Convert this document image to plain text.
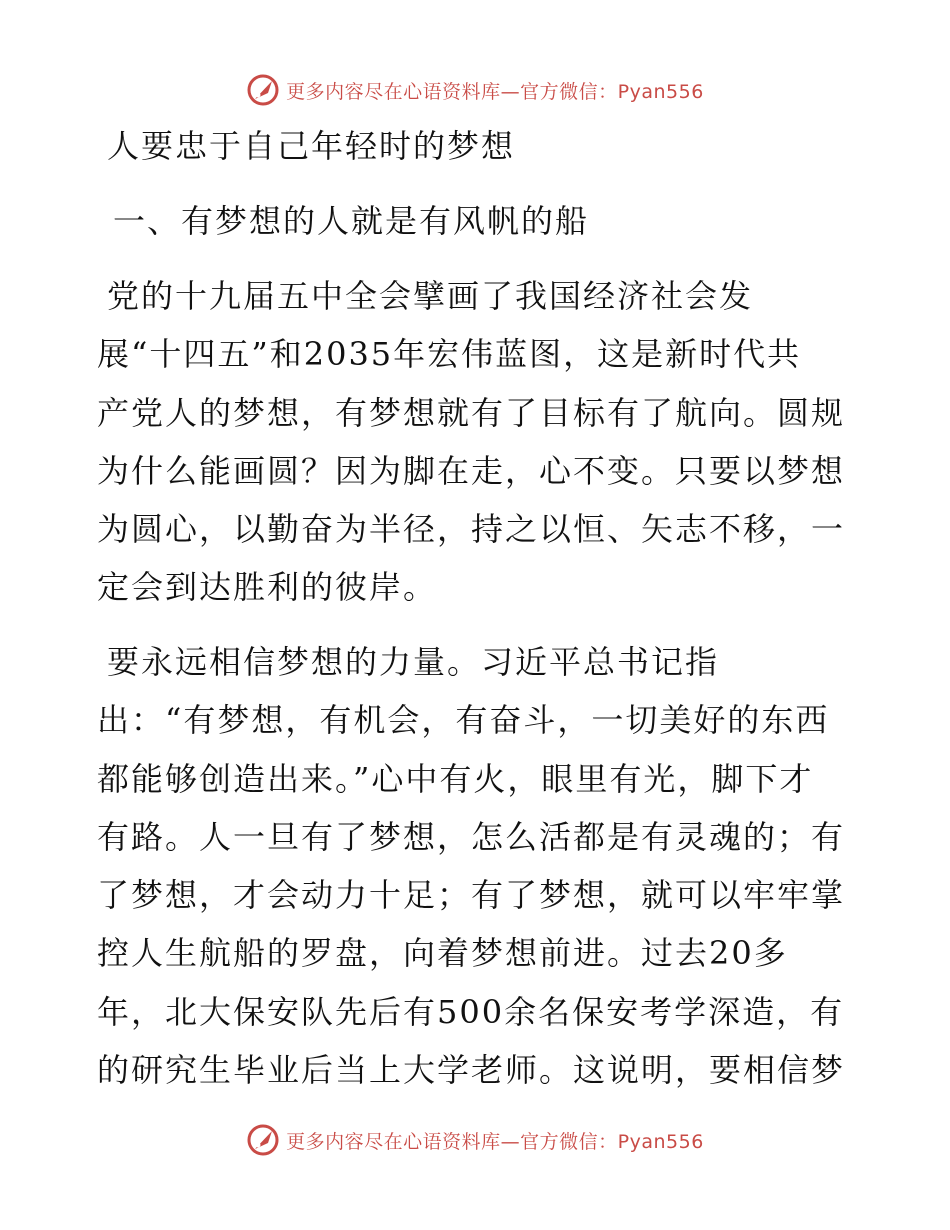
更多内容尽在心语资料库—官方微信：Pyan556
人要忠于自己年轻时的梦想
一、有梦想的人就是有风帆的船
党的十九届五中全会擘画了我国经济社会发
展“十四五”和2035年宏伟蓝图，这是新时代共
产党人的梦想，有梦想就有了目标有了航向。圆规
为什么能画圆？因为脚在走，心不变。只要以梦想
为圆心，以勤奋为半径，持之以恒、矢志不移，一
定会到达胜利的彼岸。
要永远相信梦想的力量。习近平总书记指
出：“有梦想，有机会，有奋斗，一切美好的东西
都能够创造出来。”心中有火，眼里有光，脚下才
有路。人一旦有了梦想，怎么活都是有灵魂的；有
了梦想，才会动力十足；有了梦想，就可以牢牢掌
控人生航船的罗盘，向着梦想前进。过去20多
年，北大保安队先后有500余名保安考学深造，有
的研究生毕业后当上大学老师。这说明，要相信梦
更多内容尽在心语资料库—官方微信：Pyan556
